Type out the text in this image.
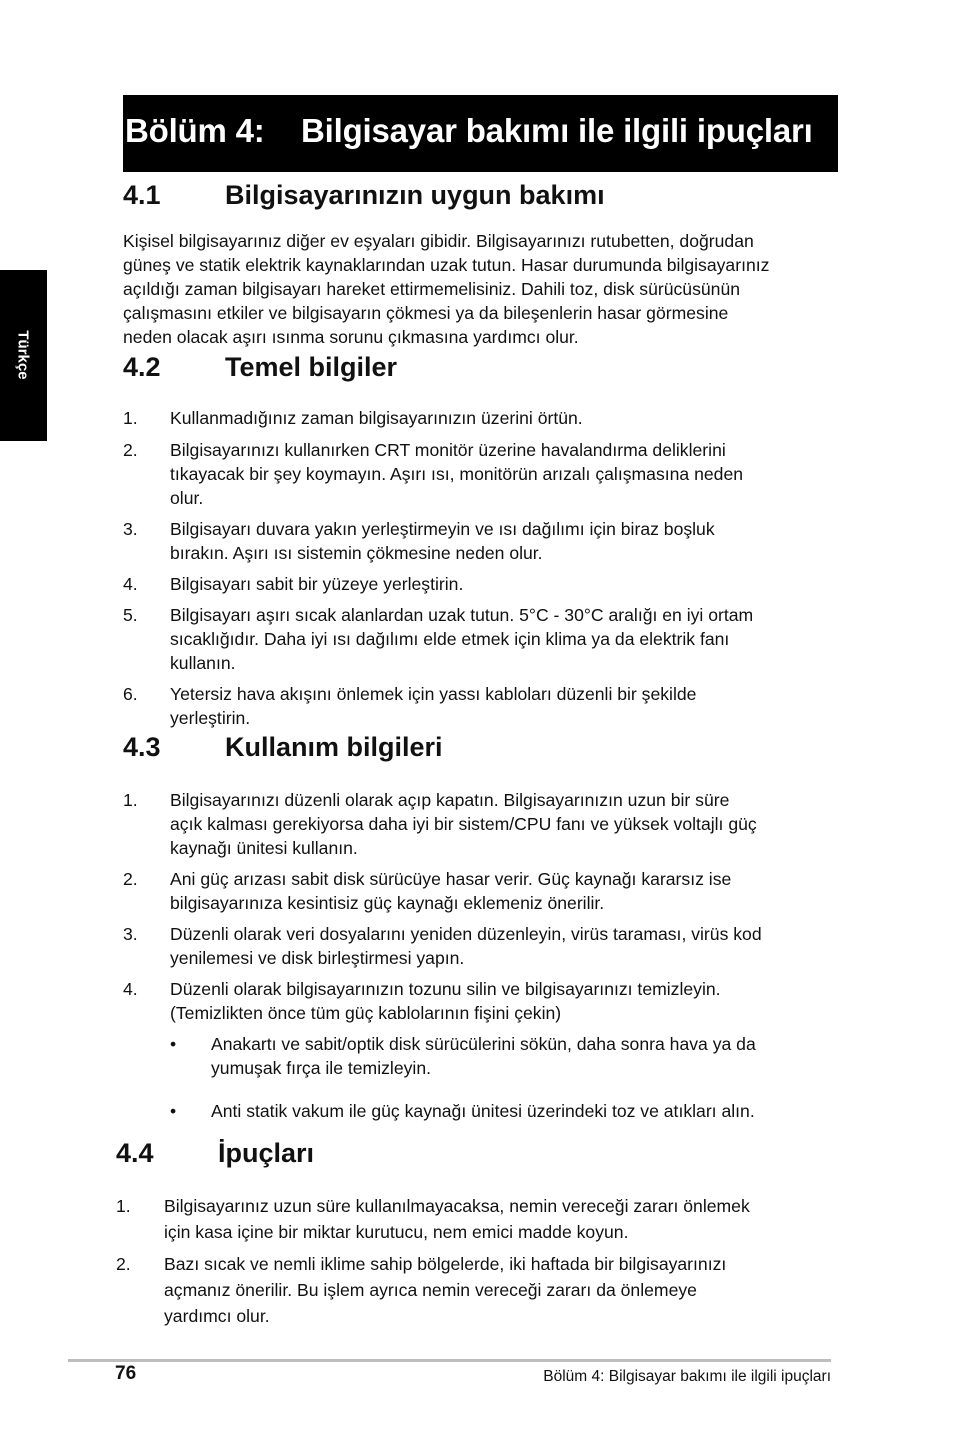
Türkçe
Bölüm 4: Bilgisayar bakımı ile ilgili ipuçları
4.1 Bilgisayarınızın uygun bakımı
Kişisel bilgisayarınız diğer ev eşyaları gibidir. Bilgisayarınızı rutubetten, doğrudan
güneş ve statik elektrik kaynaklarından uzak tutun. Hasar durumunda bilgisayarınız
açıldığı zaman bilgisayarı hareket ettirmemelisiniz. Dahili toz, disk sürücüsünün
çalışmasını etkiler ve bilgisayarın çökmesi ya da bileşenlerin hasar görmesine
neden olacak aşırı ısınma sorunu çıkmasına yardımcı olur.
4.2 Temel bilgiler
1. Kullanmadığınız zaman bilgisayarınızın üzerini örtün.
2. Bilgisayarınızı kullanırken CRT monitör üzerine havalandırma deliklerini
tıkayacak bir şey koymayın. Aşırı ısı, monitörün arızalı çalışmasına neden
olur.
3. Bilgisayarı duvara yakın yerleştirmeyin ve ısı dağılımı için biraz boşluk
bırakın. Aşırı ısı sistemin çökmesine neden olur.
4. Bilgisayarı sabit bir yüzeye yerleştirin.
5. Bilgisayarı aşırı sıcak alanlardan uzak tutun. 5°C - 30°C aralığı en iyi ortam
sıcaklığıdır. Daha iyi ısı dağılımı elde etmek için klima ya da elektrik fanı
kullanın.
6. Yetersiz hava akışını önlemek için yassı kabloları düzenli bir şekilde
yerleştirin.
4.3 Kullanım bilgileri
1. Bilgisayarınızı düzenli olarak açıp kapatın. Bilgisayarınızın uzun bir süre
açık kalması gerekiyorsa daha iyi bir sistem/CPU fanı ve yüksek voltajlı güç
kaynağı ünitesi kullanın.
2. Ani güç arızası sabit disk sürücüye hasar verir. Güç kaynağı kararsız ise
bilgisayarınıza kesintisiz güç kaynağı eklemeniz önerilir.
3. Düzenli olarak veri dosyalarını yeniden düzenleyin, virüs taraması, virüs kod
yenilemesi ve disk birleştirmesi yapın.
4. Düzenli olarak bilgisayarınızın tozunu silin ve bilgisayarınızı temizleyin.
(Temizlikten önce tüm güç kablolarının fişini çekin)
• Anakartı ve sabit/optik disk sürücülerini sökün, daha sonra hava ya da
yumuşak fırça ile temizleyin.
• Anti statik vakum ile güç kaynağı ünitesi üzerindeki toz ve atıkları alın.
4.4 İpuçları
1. Bilgisayarınız uzun süre kullanılmayacaksa, nemin vereceği zararı önlemek
için kasa içine bir miktar kurutucu, nem emici madde koyun.
2. Bazı sıcak ve nemli iklime sahip bölgelerde, iki haftada bir bilgisayarınızı
açmanız önerilir. Bu işlem ayrıca nemin vereceği zararı da önlemeye
yardımcı olur.
76	Bölüm 4: Bilgisayar bakımı ile ilgili ipuçları
